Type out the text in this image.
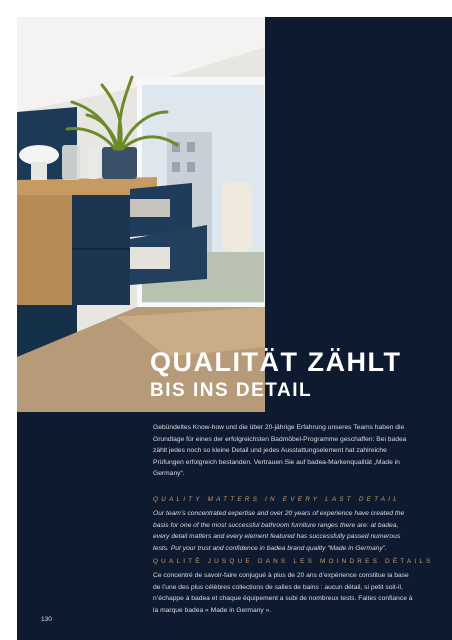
QUALITÄT ZÄHLT
BIS INS DETAIL

Gebündeltes Know-how und die über 20-jährige Erfahrung unseres Teams haben die Grundlage für eines der erfolgreichsten Badmöbel-Programme geschaffen: Bei badea zählt jedes noch so kleine Detail und jedes Ausstattungselement hat zahlreiche Prüfungen erfolgreich bestanden. Vertrauen Sie auf badea-Markenqualität „Made in Germany“.

QUALITY MATTERS IN EVERY LAST DETAIL

Our team’s concentrated expertise and over 20 years of experience have created the basis for one of the most successful bathroom furniture ranges there are: at badea, every detail matters and every element featured has successfully passed numerous tests. Put your trust and confidence in badea brand quality “Made in Germany”.

QUALITÉ JUSQUE DANS LES MOINDRES DÉTAILS

Ce concentré de savoir-faire conjugué à plus de 20 ans d’expérience constitue la base de l’une des plus célèbres collections de salles de bains : aucun détail, si petit soit-il, n’échappe à badea et chaque équipement a subi de nombreux tests. Faites confiance à la marque badea « Made in Germany ».

130
